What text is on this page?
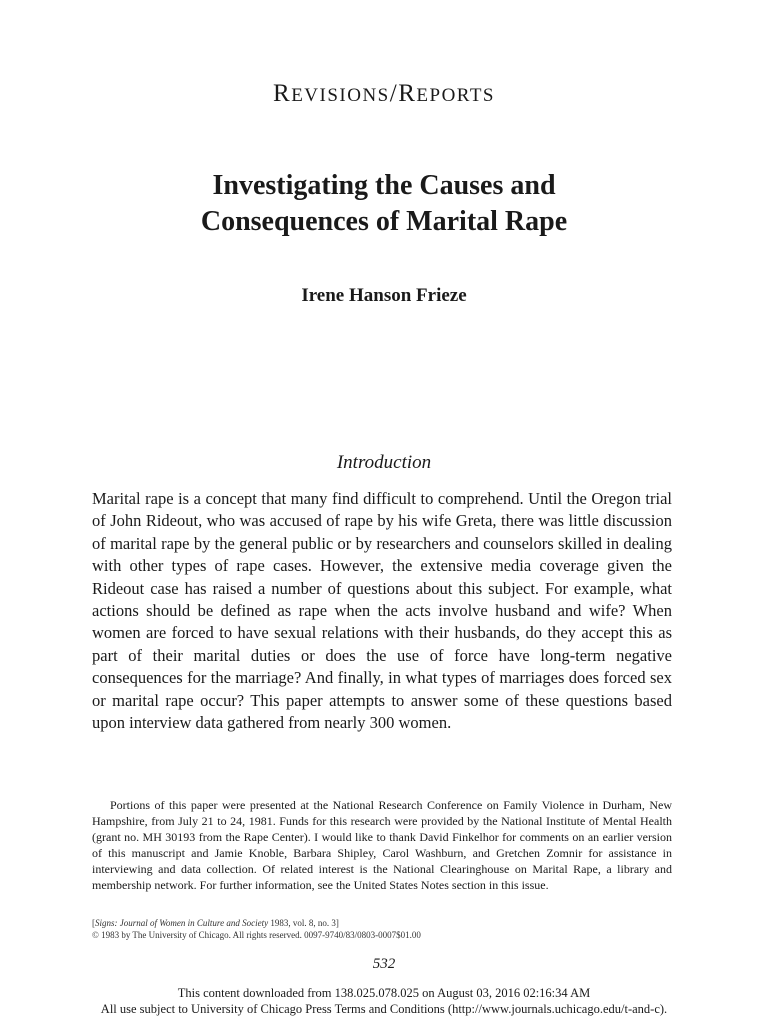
REVISIONS/REPORTS
Investigating the Causes and
Consequences of Marital Rape
Irene Hanson Frieze
Introduction
Marital rape is a concept that many find difficult to comprehend. Until the Oregon trial of John Rideout, who was accused of rape by his wife Greta, there was little discussion of marital rape by the general public or by researchers and counselors skilled in dealing with other types of rape cases. However, the extensive media coverage given the Rideout case has raised a number of questions about this subject. For example, what actions should be defined as rape when the acts involve husband and wife? When women are forced to have sexual relations with their husbands, do they accept this as part of their marital duties or does the use of force have long-term negative consequences for the marriage? And finally, in what types of marriages does forced sex or marital rape occur? This paper attempts to answer some of these questions based upon interview data gathered from nearly 300 women.
Portions of this paper were presented at the National Research Conference on Family Violence in Durham, New Hampshire, from July 21 to 24, 1981. Funds for this research were provided by the National Institute of Mental Health (grant no. MH 30193 from the Rape Center). I would like to thank David Finkelhor for comments on an earlier version of this manuscript and Jamie Knoble, Barbara Shipley, Carol Washburn, and Gretchen Zomnir for assistance in interviewing and data collection. Of related interest is the National Clearinghouse on Marital Rape, a library and membership network. For further information, see the United States Notes section in this issue.
[Signs: Journal of Women in Culture and Society 1983, vol. 8, no. 3]
© 1983 by The University of Chicago. All rights reserved. 0097-9740/83/0803-0007$01.00
532
This content downloaded from 138.025.078.025 on August 03, 2016 02:16:34 AM
All use subject to University of Chicago Press Terms and Conditions (http://www.journals.uchicago.edu/t-and-c).
